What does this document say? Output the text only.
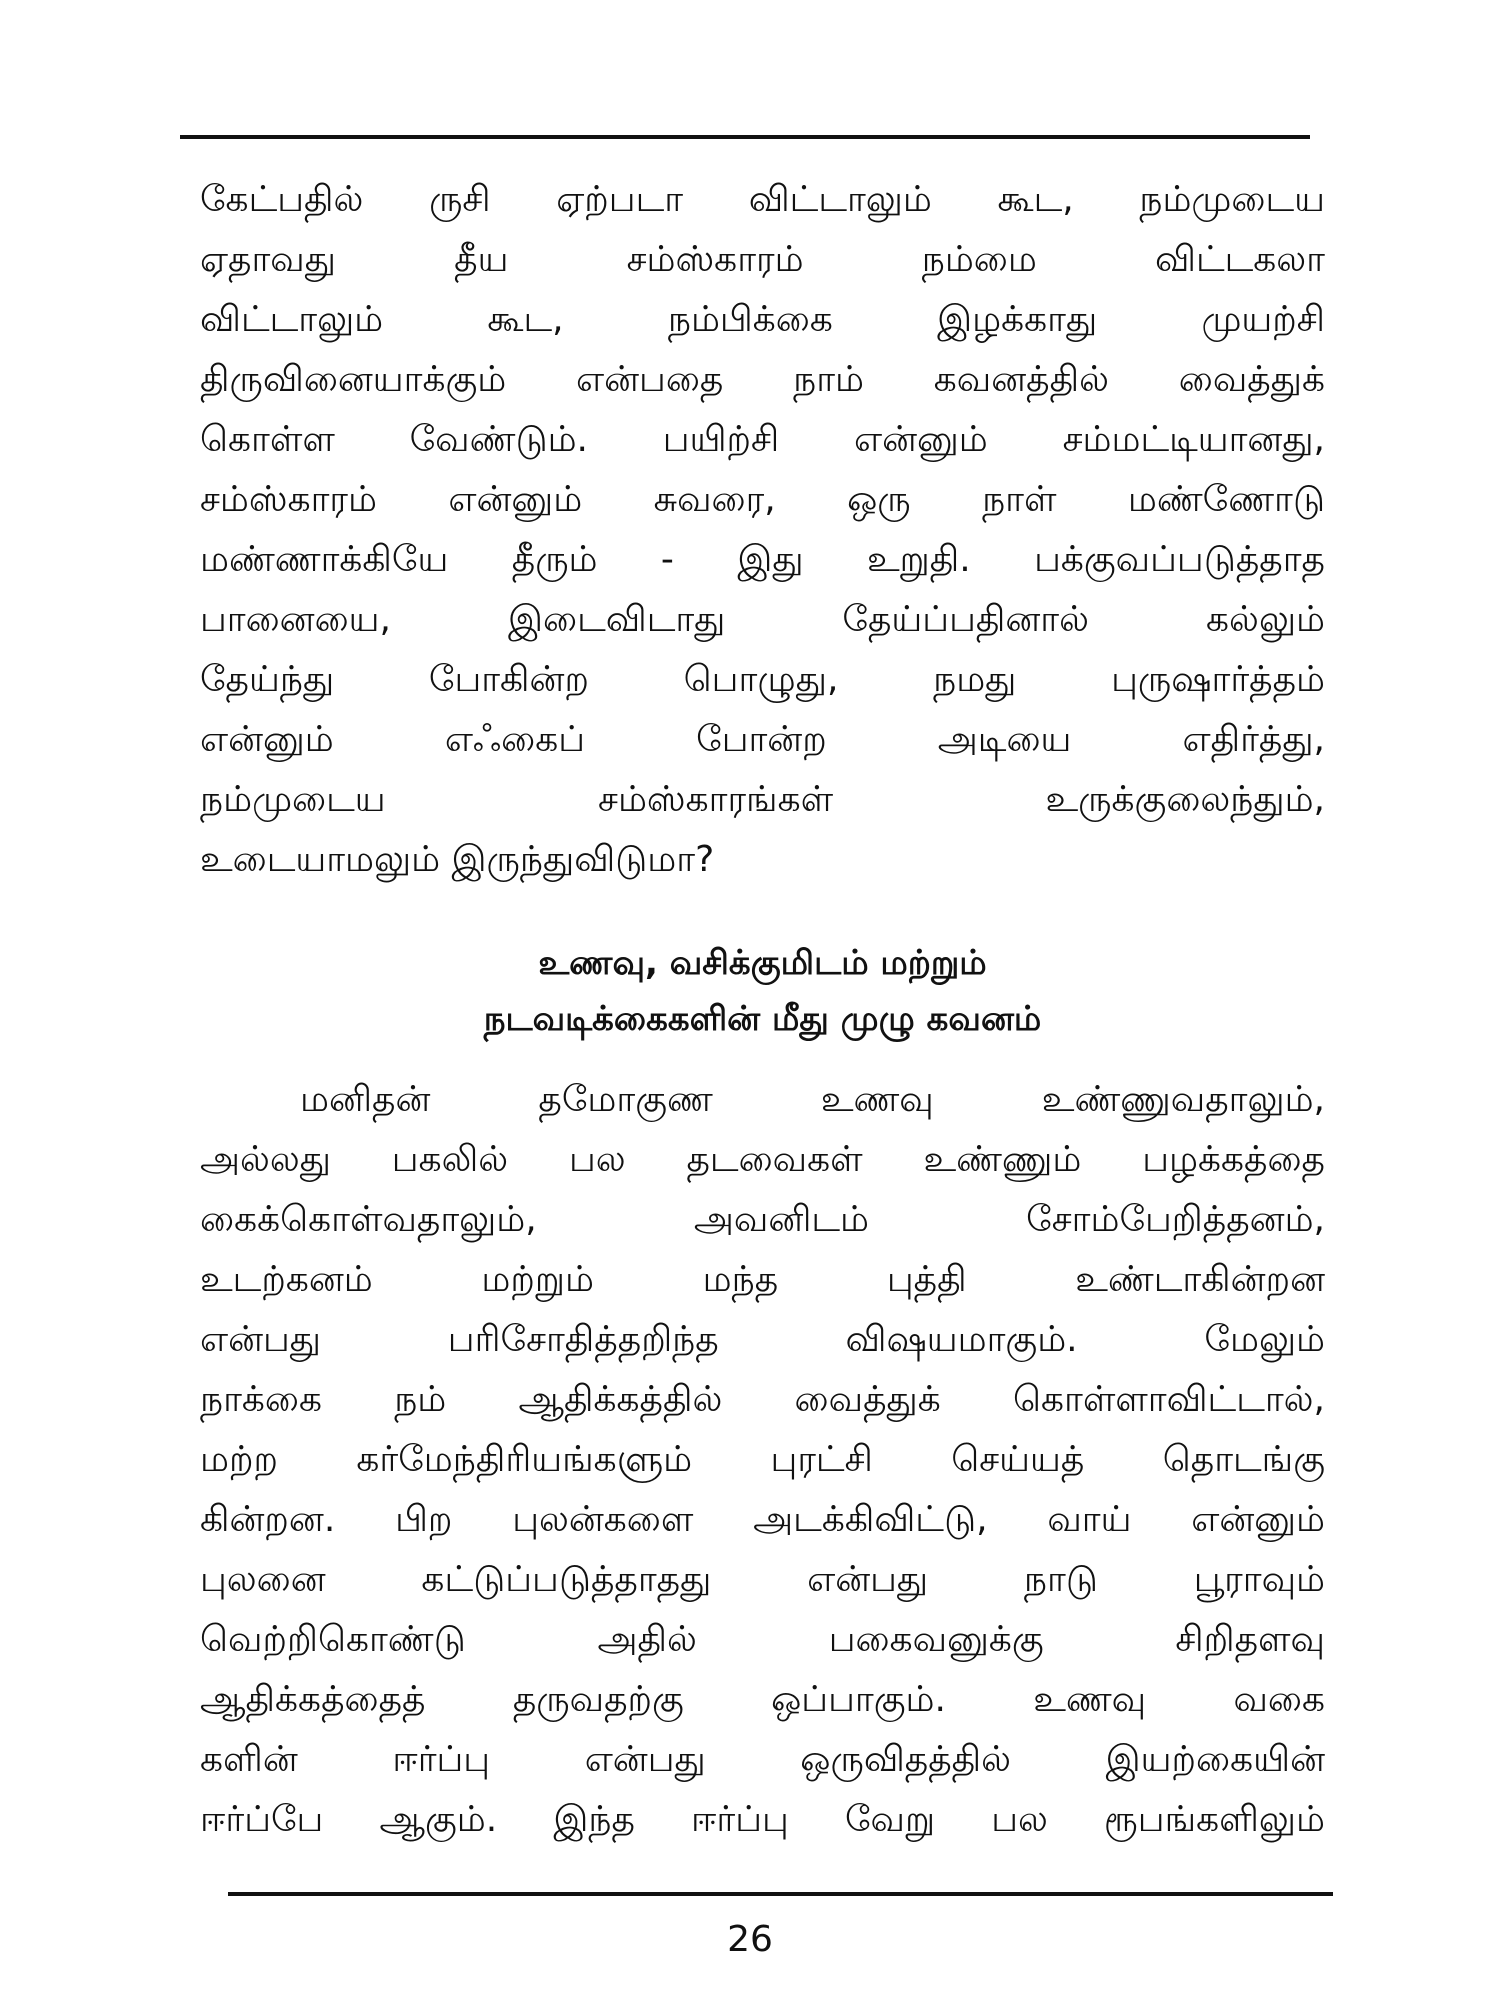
கேட்பதில் ருசி ஏற்படா விட்டாலும் கூட, நம்முடைய
ஏதாவது தீய சம்ஸ்காரம் நம்மை விட்டகலா
விட்டாலும் கூட, நம்பிக்கை இழக்காது முயற்சி
திருவினையாக்கும் என்பதை நாம் கவனத்தில் வைத்துக்
கொள்ள வேண்டும். பயிற்சி என்னும் சம்மட்டியானது,
சம்ஸ்காரம் என்னும் சுவரை, ஒரு நாள் மண்ணோடு
மண்ணாக்கியே தீரும் - இது உறுதி. பக்குவப்படுத்தாத
பானையை, இடைவிடாது தேய்ப்பதினால் கல்லும்
தேய்ந்து போகின்ற பொழுது, நமது புருஷார்த்தம்
என்னும் எஃகைப் போன்ற அடியை எதிர்த்து,
நம்முடைய சம்ஸ்காரங்கள் உருக்குலைந்தும்,
உடையாமலும் இருந்துவிடுமா?
உணவு, வசிக்குமிடம் மற்றும்
நடவடிக்கைகளின் மீது முழு கவனம்
மனிதன் தமோகுண உணவு உண்ணுவதாலும்,
அல்லது பகலில் பல தடவைகள் உண்ணும் பழக்கத்தை
கைக்கொள்வதாலும், அவனிடம் சோம்பேறித்தனம்,
உடற்கனம் மற்றும் மந்த புத்தி உண்டாகின்றன
என்பது பரிசோதித்தறிந்த விஷயமாகும். மேலும்
நாக்கை நம் ஆதிக்கத்தில் வைத்துக் கொள்ளாவிட்டால்,
மற்ற கர்மேந்திரியங்களும் புரட்சி செய்யத் தொடங்கு
கின்றன. பிற புலன்களை அடக்கிவிட்டு, வாய் என்னும்
புலனை கட்டுப்படுத்தாதது என்பது நாடு பூராவும்
வெற்றிகொண்டு அதில் பகைவனுக்கு சிறிதளவு
ஆதிக்கத்தைத் தருவதற்கு ஒப்பாகும். உணவு வகை
களின் ஈர்ப்பு என்பது ஒருவிதத்தில் இயற்கையின்
ஈர்ப்பே ஆகும். இந்த ஈர்ப்பு வேறு பல ரூபங்களிலும்
26
